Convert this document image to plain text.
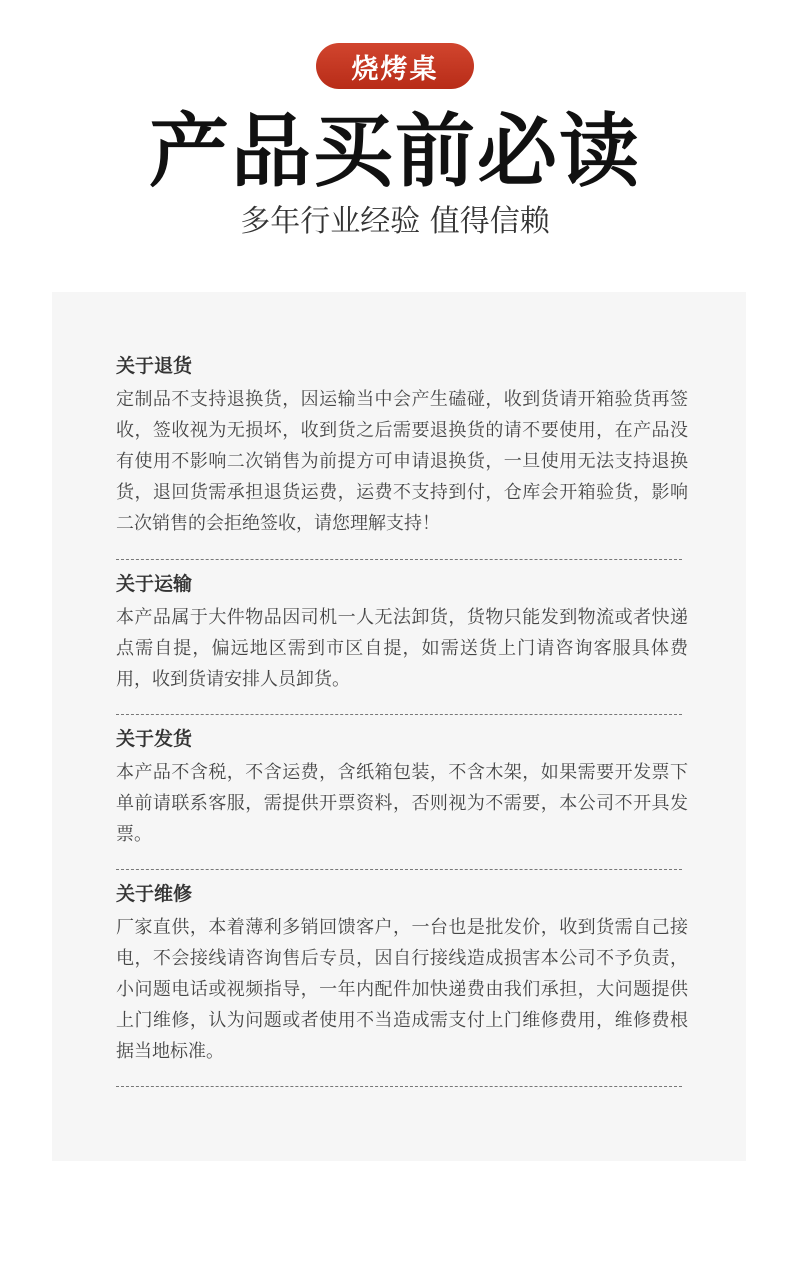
烧烤桌
产品买前必读
多年行业经验 值得信赖

关于退货

定制品不支持退换货，因运输当中会产生磕碰，收到货请开箱验货再签收，签收视为无损坏，收到货之后需要退换货的请不要使用，在产品没有使用不影响二次销售为前提方可申请退换货，一旦使用无法支持退换货，退回货需承担退货运费，运费不支持到付，仓库会开箱验货，影响二次销售的会拒绝签收，请您理解支持！

关于运输

本产品属于大件物品因司机一人无法卸货，货物只能发到物流或者快递点需自提，偏远地区需到市区自提，如需送货上门请咨询客服具体费用，收到货请安排人员卸货。

关于发货

本产品不含税，不含运费，含纸箱包装，不含木架，如果需要开发票下单前请联系客服，需提供开票资料，否则视为不需要，本公司不开具发票。

关于维修

厂家直供，本着薄利多销回馈客户，一台也是批发价，收到货需自己接电，不会接线请咨询售后专员，因自行接线造成损害本公司不予负责，小问题电话或视频指导，一年内配件加快递费由我们承担，大问题提供上门维修，认为问题或者使用不当造成需支付上门维修费用，维修费根据当地标准。
